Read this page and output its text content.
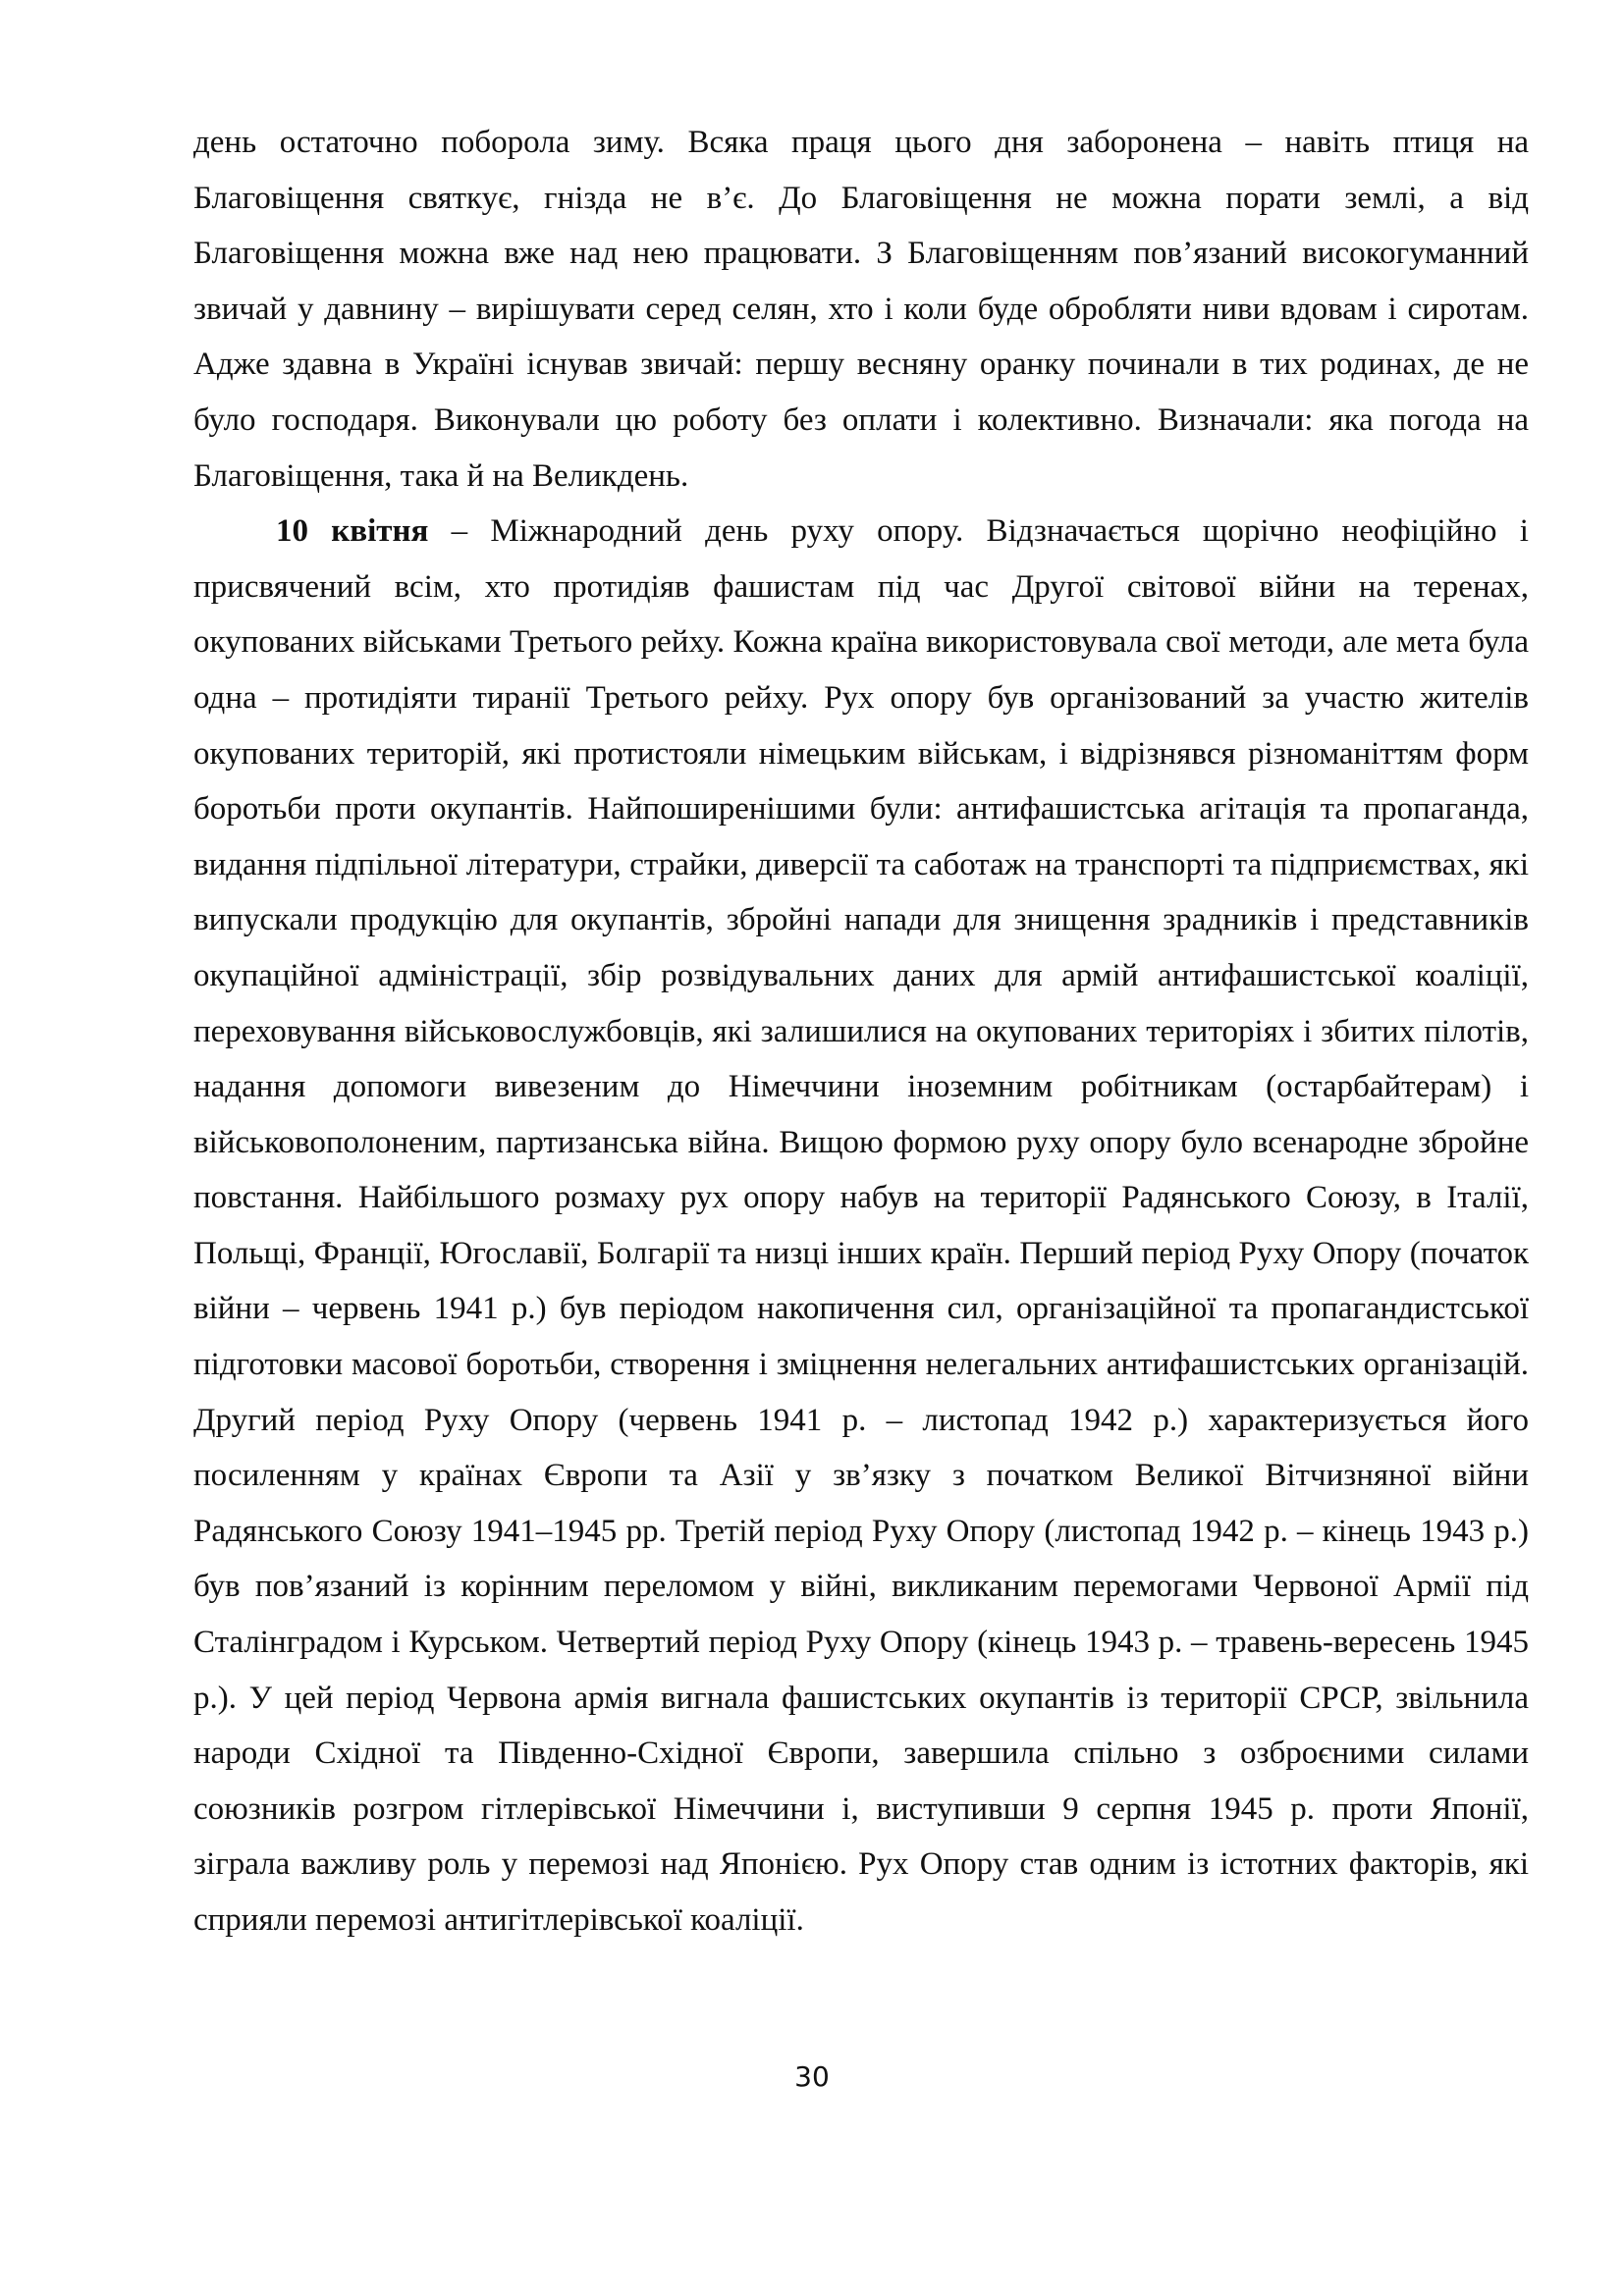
день остаточно поборола зиму. Всяка праця цього дня заборонена – навіть птиця на Благовіщення святкує, гнізда не в’є. До Благовіщення не можна порати землі, а від Благовіщення можна вже над нею працювати. З Благовіщенням пов’язаний високогуманний звичай у давнину – вирішувати серед селян, хто і коли буде обробляти ниви вдовам і сиротам. Адже здавна в Україні існував звичай: першу весняну оранку починали в тих родинах, де не було господаря. Виконували цю роботу без оплати і колективно. Визначали: яка погода на Благовіщення, така й на Великдень.

10 квітня – Міжнародний день руху опору. Відзначається щорічно неофіційно і присвячений всім, хто протидіяв фашистам під час Другої світової війни на теренах, окупованих військами Третього рейху. Кожна країна використовувала свої методи, але мета була одна – протидіяти тиранії Третього рейху. Рух опору був організований за участю жителів окупованих територій, які протистояли німецьким військам, і відрізнявся різноманіттям форм боротьби проти окупантів. Найпоширенішими були: антифашистська агітація та пропаганда, видання підпільної літератури, страйки, диверсії та саботаж на транспорті та підприємствах, які випускали продукцію для окупантів, збройні напади для знищення зрадників і представників окупаційної адміністрації, збір розвідувальних даних для армій антифашистської коаліції, переховування військовослужбовців, які залишилися на окупованих територіях і збитих пілотів, надання допомоги вивезеним до Німеччини іноземним робітникам (остарбайтерам) і військовополоненим, партизанська війна. Вищою формою руху опору було всенародне збройне повстання. Найбільшого розмаху рух опору набув на території Радянського Союзу, в Італії, Польщі, Франції, Югославії, Болгарії та низці інших країн. Перший період Руху Опору (початок війни – червень 1941 р.) був періодом накопичення сил, організаційної та пропагандистської підготовки масової боротьби, створення і зміцнення нелегальних антифашистських організацій. Другий період Руху Опору (червень 1941 р. – листопад 1942 р.) характеризується його посиленням у країнах Європи та Азії у зв’язку з початком Великої Вітчизняної війни Радянського Союзу 1941–1945 рр. Третій період Руху Опору (листопад 1942 р. – кінець 1943 р.) був пов’язаний із корінним переломом у війні, викликаним перемогами Червоної Армії під Сталінградом і Курськом. Четвертий період Руху Опору (кінець 1943 р. – травень-вересень 1945 р.). У цей період Червона армія вигнала фашистських окупантів із території СРСР, звільнила народи Східної та Південно-Східної Європи, завершила спільно з озброєними силами союзників розгром гітлерівської Німеччини і, виступивши 9 серпня 1945 р. проти Японії, зіграла важливу роль у перемозі над Японією. Рух Опору став одним із істотних факторів, які сприяли перемозі антигітлерівської коаліції.

30
